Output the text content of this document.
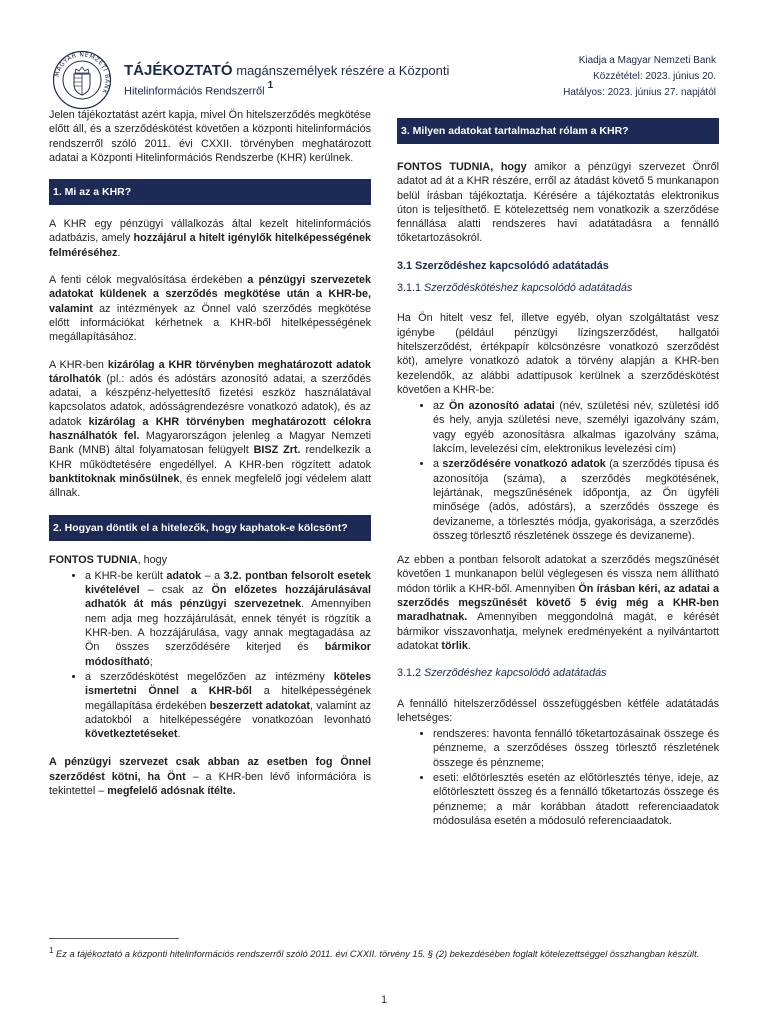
MAGYAR NEMZETI BANK
TÁJÉKOZTATÓ magánszemélyek részére a Központi
Hitelinformációs Rendszerről $^1$
Kiadja a Magyar Nemzeti Bank
Közzététel: 2023. június 20.
Hatályos: 2023. június 27. napjától

Jelen tájékoztatást azért kapja, mivel Ön hitelszerződés megkötése előtt áll, és a szerződéskötést követően a központi hitelinformációs rendszerről szóló 2011. évi CXXII. törvényben meghatározott adatai a Központi Hitelinformációs Rendszerbe (KHR) kerülnek.

1. Mi az a KHR?

A KHR egy pénzügyi vállalkozás által kezelt hitelinformációs adatbázis, amely hozzájárul a hitelt igénylők hitelképességének felméréséhez.

A fenti célok megvalósítása érdekében a pénzügyi szervezetek adatokat küldenek a szerződés megkötése után a KHR-be, valamint az intézmények az Önnel való szerződés megkötése előtt információkat kérhetnek a KHR-ből hitelképességének megállapításához.

A KHR-ben kizárólag a KHR törvényben meghatározott adatok tárolhatók (pl.: adós és adóstárs azonosító adatai, a szerződés adatai, a készpénz-helyettesítő fizetési eszköz használatával kapcsolatos adatok, adósságrendezésre vonatkozó adatok), és az adatok kizárólag a KHR törvényben meghatározott célokra használhatók fel. Magyarországon jelenleg a Magyar Nemzeti Bank (MNB) által folyamatosan felügyelt BISZ Zrt. rendelkezik a KHR működtetésére engedéllyel. A KHR-ben rögzített adatok banktitoknak minősülnek, és ennek megfelelő jogi védelem alatt állnak.

2. Hogyan döntik el a hitelezők, hogy kaphatok-e kölcsönt?

FONTOS TUDNIA, hogy

• a KHR-be került adatok – a 3.2. pontban felsorolt esetek kivételével – csak az Ön előzetes hozzájárulásával adhatók át más pénzügyi szervezetnek. Amennyiben nem adja meg hozzájárulását, ennek tényét is rögzítik a KHR-ben. A hozzájárulása, vagy annak megtagadása az Ön összes szerződésére kiterjed és bármikor módosítható;
• a szerződéskötést megelőzően az intézmény köteles ismertetni Önnel a KHR-ből a hitelképességének megállapítása érdekében beszerzett adatokat, valamint az adatokból a hitelképességére vonatkozóan levonható következtetéseket.

A pénzügyi szervezet csak abban az esetben fog Önnel szerződést kötni, ha Önt – a KHR-ben lévő információra is tekintettel – megfelelő adósnak ítélte.

3. Milyen adatokat tartalmazhat rólam a KHR?

FONTOS TUDNIA, hogy amikor a pénzügyi szervezet Önről adatot ad át a KHR részére, erről az átadást követő 5 munkanapon belül írásban tájékoztatja. Kérésére a tájékoztatás elektronikus úton is teljesíthető. E kötelezettség nem vonatkozik a szerződése fennállása alatti rendszeres havi adatátadásra a fennálló tőketartozásokról.

3.1 Szerződéshez kapcsolódó adatátadás
3.1.1 Szerződéskötéshez kapcsolódó adatátadás

Ha Ön hitelt vesz fel, illetve egyéb, olyan szolgáltatást vesz igénybe (például pénzügyi lízingszerződést, hallgatói hitelszerződést, értékpapír kölcsönzésre vonatkozó szerződést köt), amelyre vonatkozó adatok a törvény alapján a KHR-ben kezelendők, az alábbi adattípusok kerülnek a szerződéskötést követően a KHR-be:

• az Ön azonosító adatai (név, születési név, születési idő és hely, anyja születési neve, személyi igazolvány szám, vagy egyéb azonosításra alkalmas igazolvány száma, lakcím, levelezési cím, elektronikus levelezési cím)
• a szerződésére vonatkozó adatok (a szerződés típusa és azonosítója (száma), a szerződés megkötésének, lejártának, megszűnésének időpontja, az Ön ügyféli minősége (adós, adóstárs), a szerződés összege és devizaneme, a törlesztés módja, gyakorisága, a szerződés összeg törlesztő részletének összege és devizaneme).

Az ebben a pontban felsorolt adatokat a szerződés megszűnését követően 1 munkanapon belül véglegesen és vissza nem állítható módon törlik a KHR-ből. Amennyiben Ön írásban kéri, az adatai a szerződés megszűnését követő 5 évig még a KHR-ben maradhatnak. Amennyiben meggondolná magát, e kérését bármikor visszavonhatja, melynek eredményeként a nyilvántartott adatokat törlik.

3.1.2 Szerződéshez kapcsolódó adatátadás

A fennálló hitelszerződéssel összefüggésben kétféle adatátadás lehetséges:

• rendszeres: havonta fennálló tőketartozásainak összege és pénzneme, a szerződéses összeg törlesztő részletének összege és pénzneme;
• eseti: előtörlesztés esetén az előtörlesztés ténye, ideje, az előtörlesztett összeg és a fennálló tőketartozás összege és pénzneme; a már korábban átadott referenciaadatok módosulása esetén a módosuló referenciaadatok.
$^1$ Ez a tájékoztató a központi hitelinformációs rendszerről szóló 2011. évi CXXII. törvény 15. § (2) bekezdésében foglalt kötelezettséggel összhangban készült.
1
